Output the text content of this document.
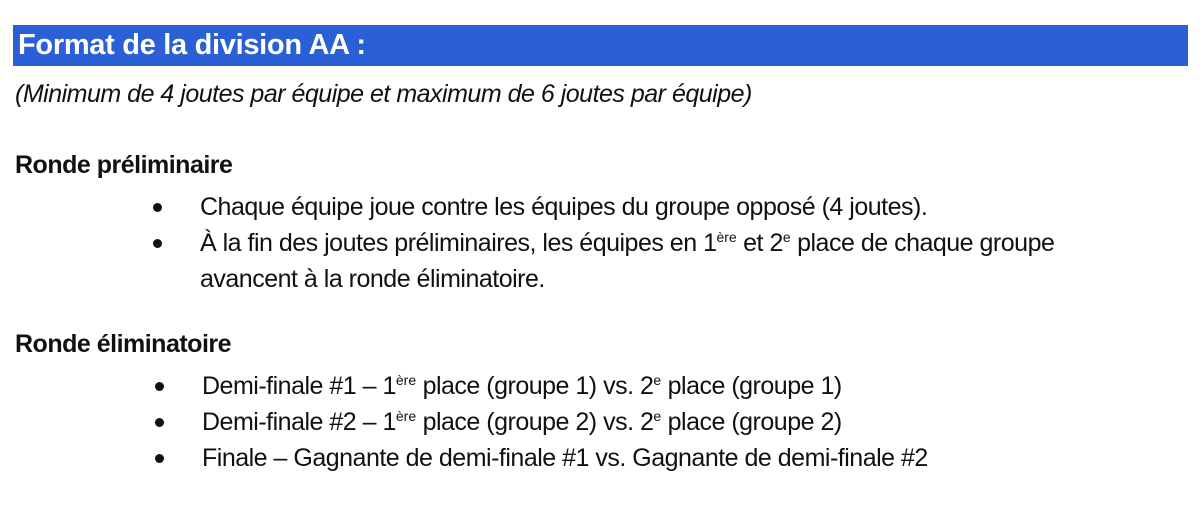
Format de la division AA :
(Minimum de 4 joutes par équipe et maximum de 6 joutes par équipe)
Ronde préliminaire
Chaque équipe joue contre les équipes du groupe opposé (4 joutes).
À la fin des joutes préliminaires, les équipes en 1ère et 2e place de chaque groupe avancent à la ronde éliminatoire.
Ronde éliminatoire
Demi-finale #1 – 1ère place (groupe 1) vs. 2e place (groupe 1)
Demi-finale #2 – 1ère place (groupe 2) vs. 2e place (groupe 2)
Finale – Gagnante de demi-finale #1 vs. Gagnante de demi-finale #2
